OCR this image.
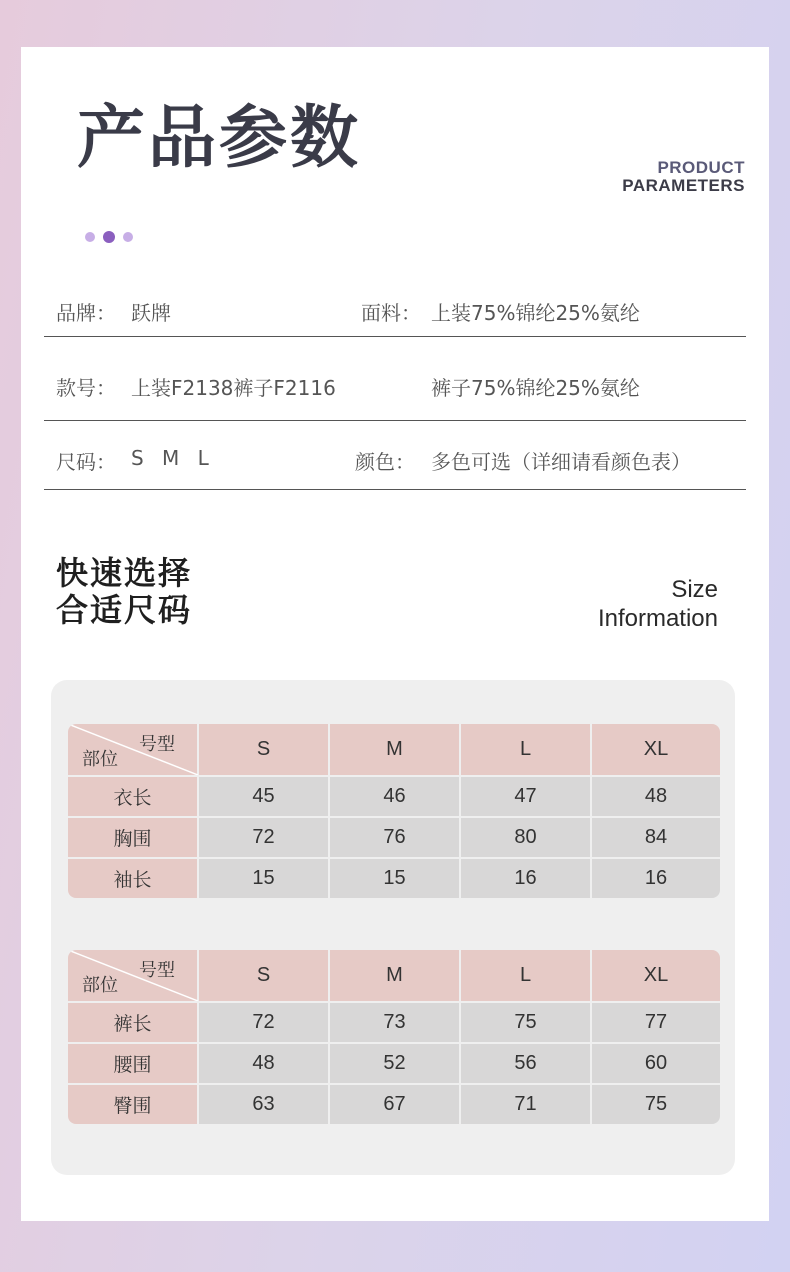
产品参数	PRODUCT
PARAMETERS
品牌： 跃牌	面料： 上装75%锦纶25%氨纶
款号： 上装F2138裤子F2116	裤子75%锦纶25%氨纶
尺码： S M L	颜色： 多色可选（详细请看颜色表）
快速选择
合适尺码
Size
Information
号型
部位	S	M	L	XL
衣长	45	46	47	48
胸围	72	76	80	84
袖长	15	15	16	16
号型
部位	S	M	L	XL
裤长	72	73	75	77
腰围	48	52	56	60
臀围	63	67	71	75
